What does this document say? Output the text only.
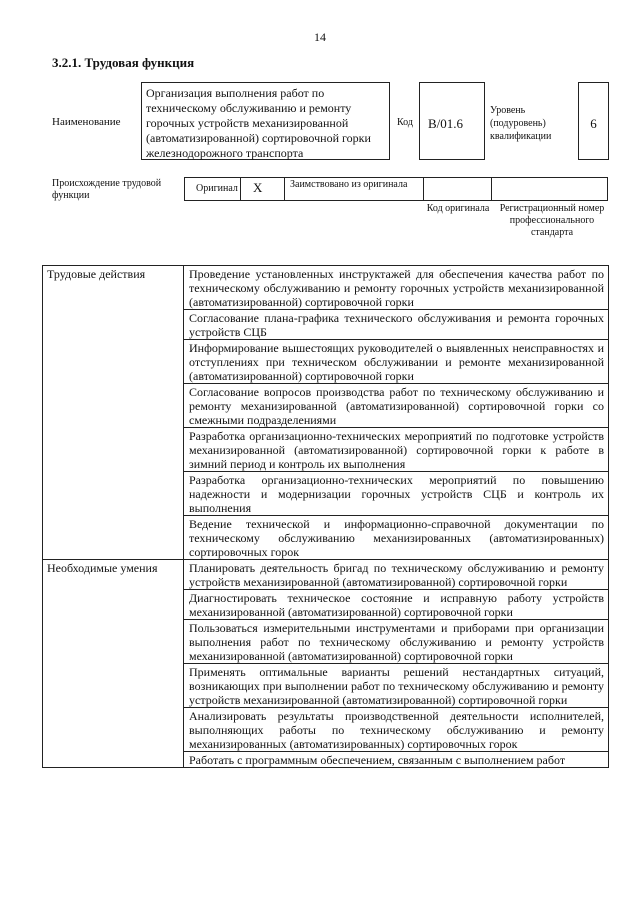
14
3.2.1. Трудовая функция
Наименование
Организация выполнения работ по техническому обслуживанию и ремонту горочных устройств механизированной (автоматизированной) сортировочной горки железнодорожного транспорта
Код	B/01.6
Уровень (подуровень) квалификации
6
Происхождение трудовой функции
Оригинал	X	Заимствовано из оригинала
Код оригинала	Регистрационный номер профессионального стандарта
Трудовые действия	Проведение установленных инструктажей для обеспечения качества работ по техническому обслуживанию и ремонту горочных устройств механизированной (автоматизированной) сортировочной горки
	Согласование плана-графика технического обслуживания и ремонта горочных устройств СЦБ
	Информирование вышестоящих руководителей о выявленных неисправностях и отступлениях при техническом обслуживании и ремонте механизированной (автоматизированной) сортировочной горки
	Согласование вопросов производства работ по техническому обслуживанию и ремонту механизированной (автоматизированной) сортировочной горки со смежными подразделениями
	Разработка организационно-технических мероприятий по подготовке устройств механизированной (автоматизированной) сортировочной горки к работе в зимний период и контроль их выполнения
	Разработка организационно-технических мероприятий по повышению надежности и модернизации горочных устройств СЦБ и контроль их выполнения
	Ведение технической и информационно-справочной документации по техническому обслуживанию механизированных (автоматизированных) сортировочных горок
Необходимые умения	Планировать деятельность бригад по техническому обслуживанию и ремонту устройств механизированной (автоматизированной) сортировочной горки
	Диагностировать техническое состояние и исправную работу устройств механизированной (автоматизированной) сортировочной горки
	Пользоваться измерительными инструментами и приборами при организации выполнения работ по техническому обслуживанию и ремонту устройств механизированной (автоматизированной) сортировочной горки
	Применять оптимальные варианты решений нестандартных ситуаций, возникающих при выполнении работ по техническому обслуживанию и ремонту устройств механизированной (автоматизированной) сортировочной горки
	Анализировать результаты производственной деятельности исполнителей, выполняющих работы по техническому обслуживанию и ремонту механизированных (автоматизированных) сортировочных горок
	Работать с программным обеспечением, связанным с выполнением работ
